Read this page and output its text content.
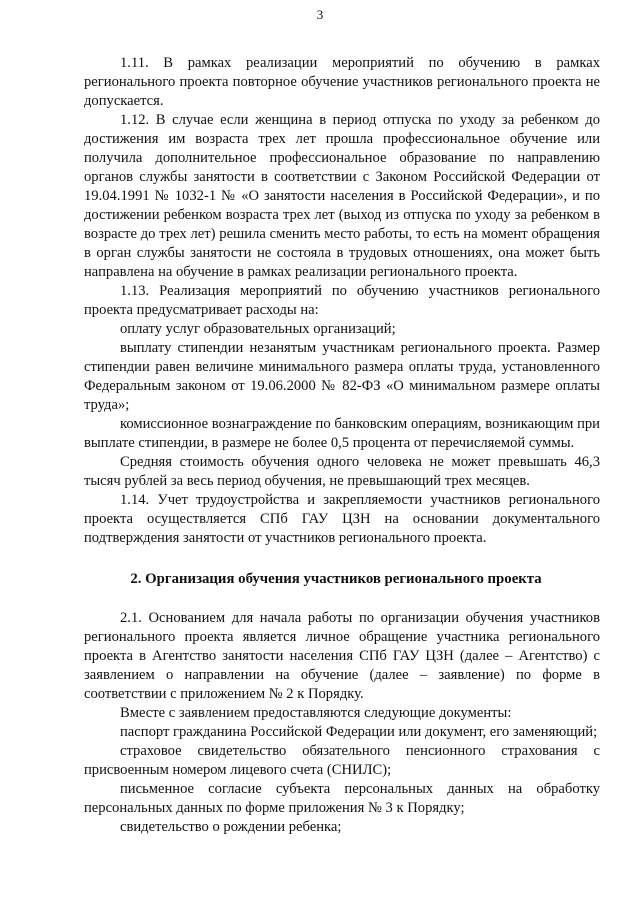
3

1.11. В рамках реализации мероприятий по обучению в рамках регионального проекта повторное обучение участников регионального проекта не допускается.

1.12. В случае если женщина в период отпуска по уходу за ребенком до достижения им возраста трех лет прошла профессиональное обучение или получила дополнительное профессиональное образование по направлению органов службы занятости в соответствии с Законом Российской Федерации от 19.04.1991 № 1032-1 № «О занятости населения в Российской Федерации», и по достижении ребенком возраста трех лет (выход из отпуска по уходу за ребенком в возрасте до трех лет) решила сменить место работы, то есть на момент обращения в орган службы занятости не состояла в трудовых отношениях, она может быть направлена на обучение в рамках реализации регионального проекта.

1.13. Реализация мероприятий по обучению участников регионального проекта предусматривает расходы на:

оплату услуг образовательных организаций;

выплату стипендии незанятым участникам регионального проекта. Размер стипендии равен величине минимального размера оплаты труда, установленного Федеральным законом от 19.06.2000 № 82-ФЗ «О минимальном размере оплаты труда»;

комиссионное вознаграждение по банковским операциям, возникающим при выплате стипендии, в размере не более 0,5 процента от перечисляемой суммы.

Средняя стоимость обучения одного человека не может превышать 46,3 тысяч рублей за весь период обучения, не превышающий трех месяцев.

1.14. Учет трудоустройства и закрепляемости участников регионального проекта осуществляется СПб ГАУ ЦЗН на основании документального подтверждения занятости от участников регионального проекта.

2. Организация обучения участников регионального проекта

2.1. Основанием для начала работы по организации обучения участников регионального проекта является личное обращение участника регионального проекта в Агентство занятости населения СПб ГАУ ЦЗН (далее – Агентство) с заявлением о направлении на обучение (далее – заявление) по форме в соответствии с приложением № 2 к Порядку.

Вместе с заявлением предоставляются следующие документы:

паспорт гражданина Российской Федерации или документ, его заменяющий;

страховое свидетельство обязательного пенсионного страхования с присвоенным номером лицевого счета (СНИЛС);

письменное согласие субъекта персональных данных на обработку персональных данных по форме приложения № 3 к Порядку;

свидетельство о рождении ребенка;
